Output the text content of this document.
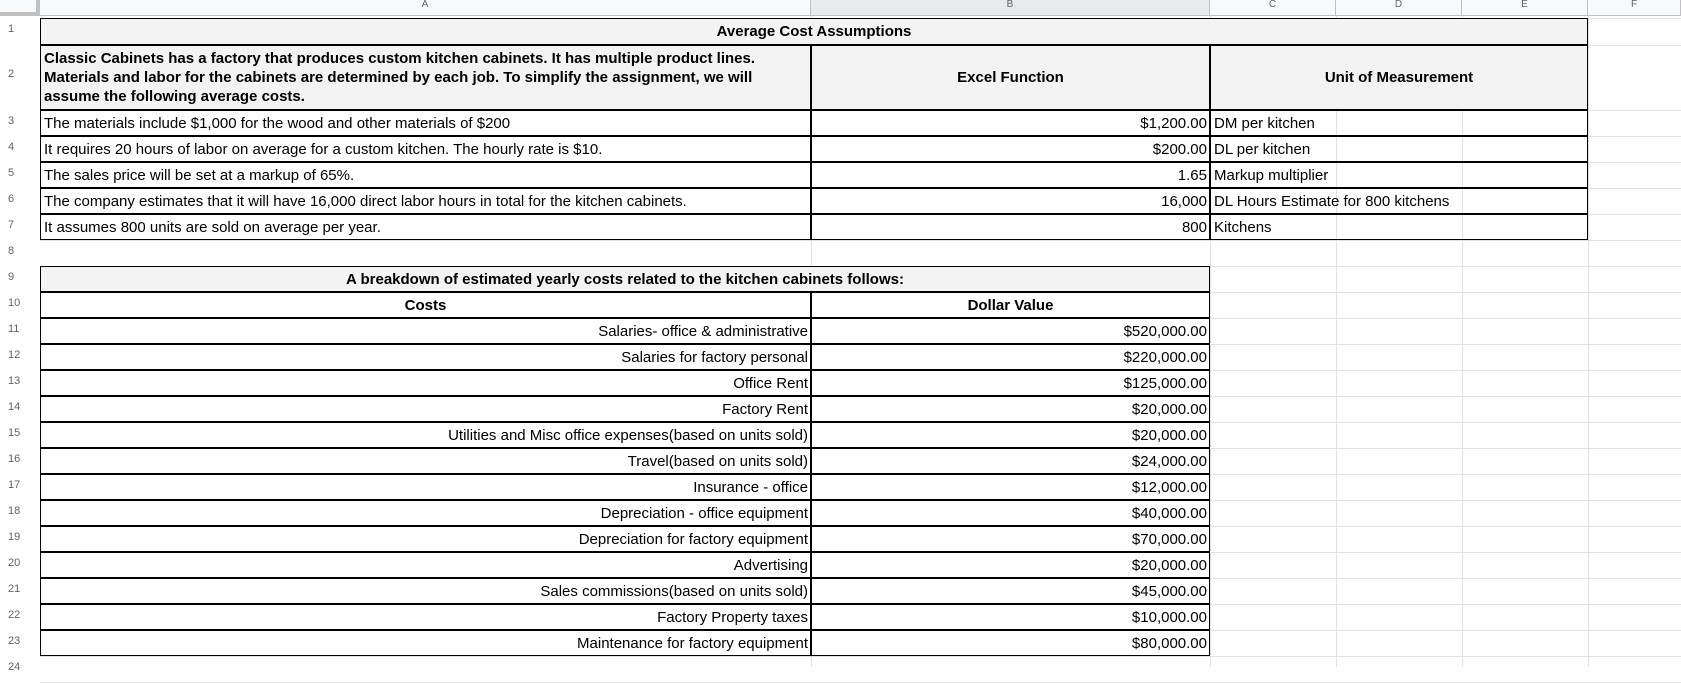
A	B	C	D	E	F
1
2
3
4
5
6
7
8
9
10
11
12
13
14
15
16
17
18
19
20
21
22
23
24
Average Cost Assumptions
Classic Cabinets has a factory that produces custom kitchen cabinets. It has multiple product lines. Materials and labor for the cabinets are determined by each job. To simplify the assignment, we will assume the following average costs.
Excel Function	Unit of Measurement
The materials include $1,000 for the wood and other materials of $200	$1,200.00 DM per kitchen
It requires 20 hours of labor on average for a custom kitchen. The hourly rate is $10.	$200.00 DL per kitchen
The sales price will be set at a markup of 65%.	1.65 Markup multiplier
The company estimates that it will have 16,000 direct labor hours in total for the kitchen cabinets.	16,000 DL Hours Estimate for 800 kitchens
It assumes 800 units are sold on average per year.	800 Kitchens
A breakdown of estimated yearly costs related to the kitchen cabinets follows:
Costs	Dollar Value
Salaries- office & administrative	$520,000.00
Salaries for factory personal	$220,000.00
Office Rent	$125,000.00
Factory Rent	$20,000.00
Utilities and Misc office expenses(based on units sold)	$20,000.00
Travel(based on units sold)	$24,000.00
Insurance - office	$12,000.00
Depreciation - office equipment	$40,000.00
Depreciation for factory equipment	$70,000.00
Advertising	$20,000.00
Sales commissions(based on units sold)	$45,000.00
Factory Property taxes	$10,000.00
Maintenance for factory equipment	$80,000.00
